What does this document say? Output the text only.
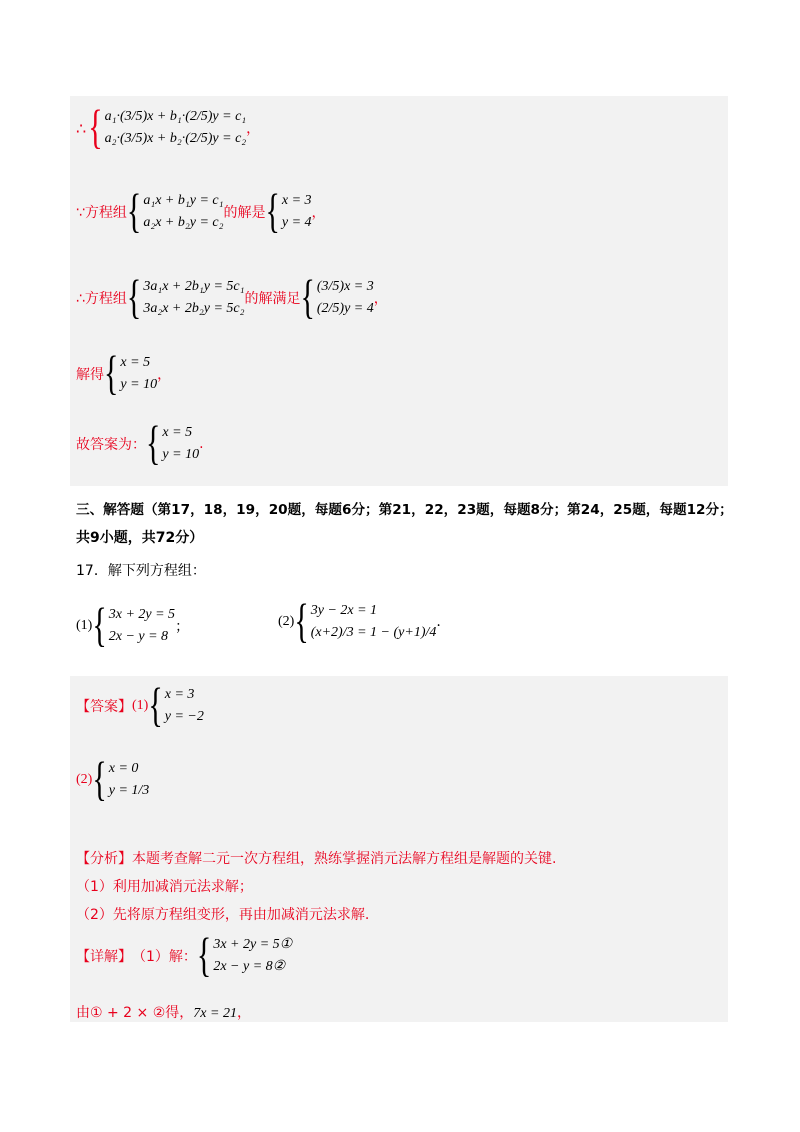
∴ { a₁·(3/5)x + b₁·(2/5)y = c₁
a₂·(3/5)x + b₂·(2/5)y = c₂
，
∵方程组 { a₁x + b₁y = c₁
a₂x + b₂y = c₂
的解是 { x = 3
y = 4
，
∴方程组 { 3a₁x + 2b₁y = 5c₁
3a₂x + 2b₂y = 5c₂
的解满足 { (3/5)x = 3
(2/5)y = 4
，
解得 { x = 5
y = 10
，
故答案为： { x = 5
y = 10
.
三、解答题（第17，18，19，20题，每题6分；第21，22，23题，每题8分；第24，25题，每题12分；
共9小题，共72分）
17．解下列方程组：
(1) { 3x + 2y = 5
2x − y = 8
；	(2) { 3y − 2x = 1
(x+2)/3 = 1 − (y+1)/4
.
【答案】 (1) { x = 3
y = −2
(2) { x = 0
y = 1/3
【分析】本题考查解二元一次方程组，熟练掌握消元法解方程组是解题的关键.
（1）利用加减消元法求解；
（2）先将原方程组变形，再由加减消元法求解.
【详解】 （1）解： { 3x + 2y = 5①
2x − y = 8②
由① + 2 × ②得，7x = 21，
